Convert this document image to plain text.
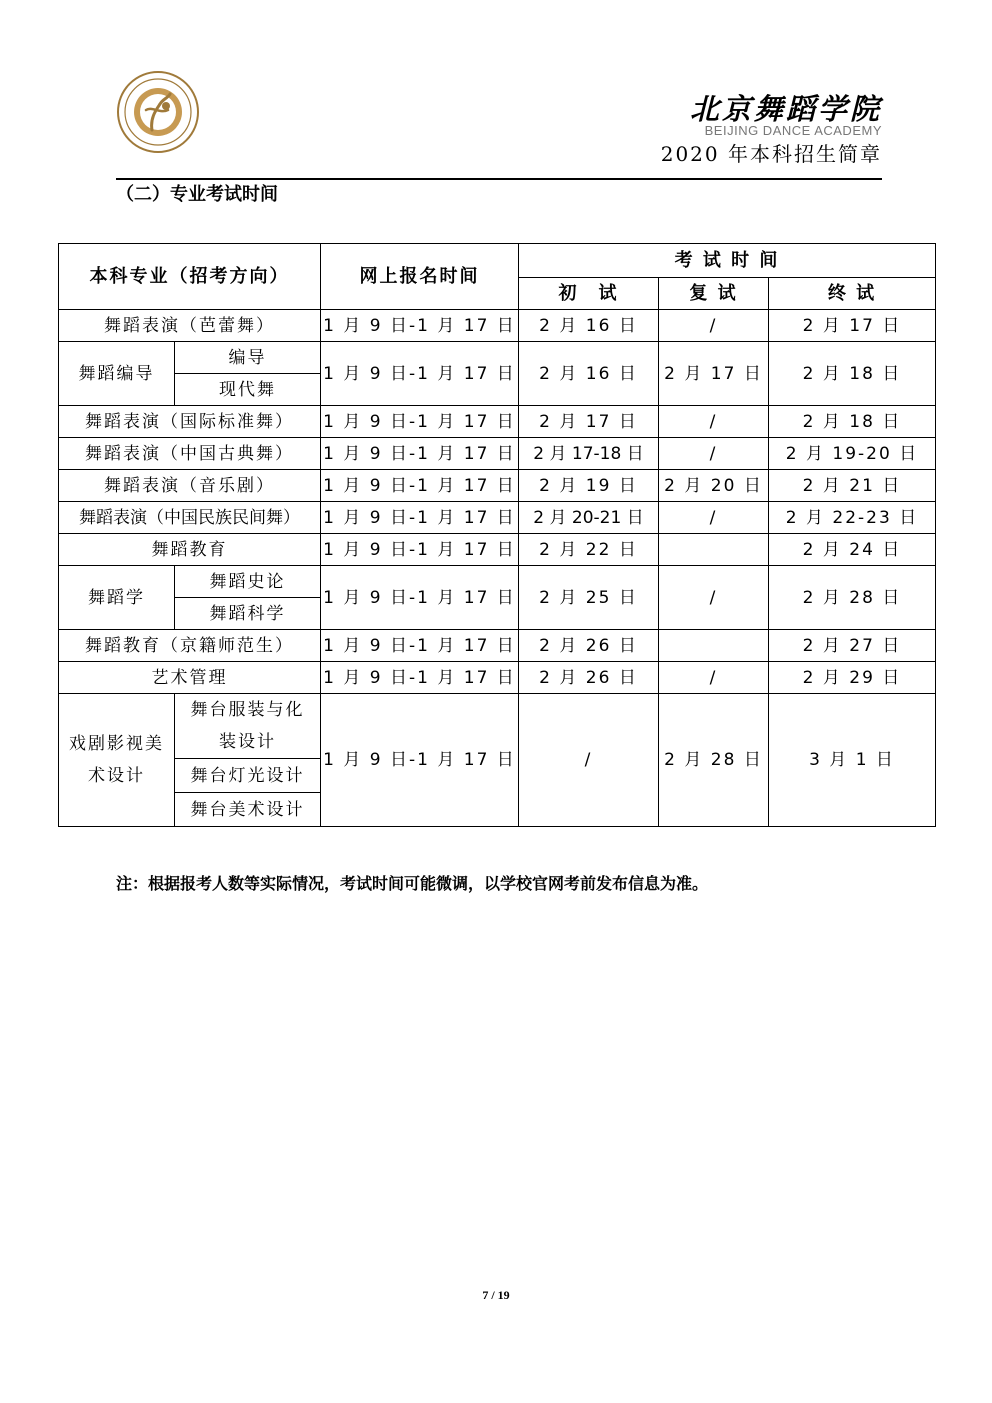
北京舞蹈学院
BEIJING DANCE ACADEMY
2020 年本科招生简章
（二）专业考试时间
本科专业（招考方向）		网上报名时间	考 试 时 间		
			初　试	复 试	终 试
舞蹈表演（芭蕾舞）		1 月 9 日-1 月 17 日	2 月 16 日	/	2 月 17 日
舞蹈编导	编导	1 月 9 日-1 月 17 日	2 月 16 日	2 月 17 日	2 月 18 日
	现代舞				
舞蹈表演（国际标准舞）		1 月 9 日-1 月 17 日	2 月 17 日	/	2 月 18 日
舞蹈表演（中国古典舞）		1 月 9 日-1 月 17 日	2 月 17-18 日	/	2 月 19-20 日
舞蹈表演（音乐剧）		1 月 9 日-1 月 17 日	2 月 19 日	2 月 20 日	2 月 21 日
舞蹈表演（中国民族民间舞）		1 月 9 日-1 月 17 日	2 月 20-21 日	/	2 月 22-23 日
舞蹈教育		1 月 9 日-1 月 17 日	2 月 22 日		2 月 24 日
舞蹈学	舞蹈史论	1 月 9 日-1 月 17 日	2 月 25 日	/	2 月 28 日
	舞蹈科学				
舞蹈教育（京籍师范生）		1 月 9 日-1 月 17 日	2 月 26 日		2 月 27 日
艺术管理		1 月 9 日-1 月 17 日	2 月 26 日	/	2 月 29 日
戏剧影视美术设计	舞台服装与化装设计	1 月 9 日-1 月 17 日	/	2 月 28 日	3 月 1 日
	舞台灯光设计				
	舞台美术设计				
注：根据报考人数等实际情况，考试时间可能微调，以学校官网考前发布信息为准。
7 / 19
